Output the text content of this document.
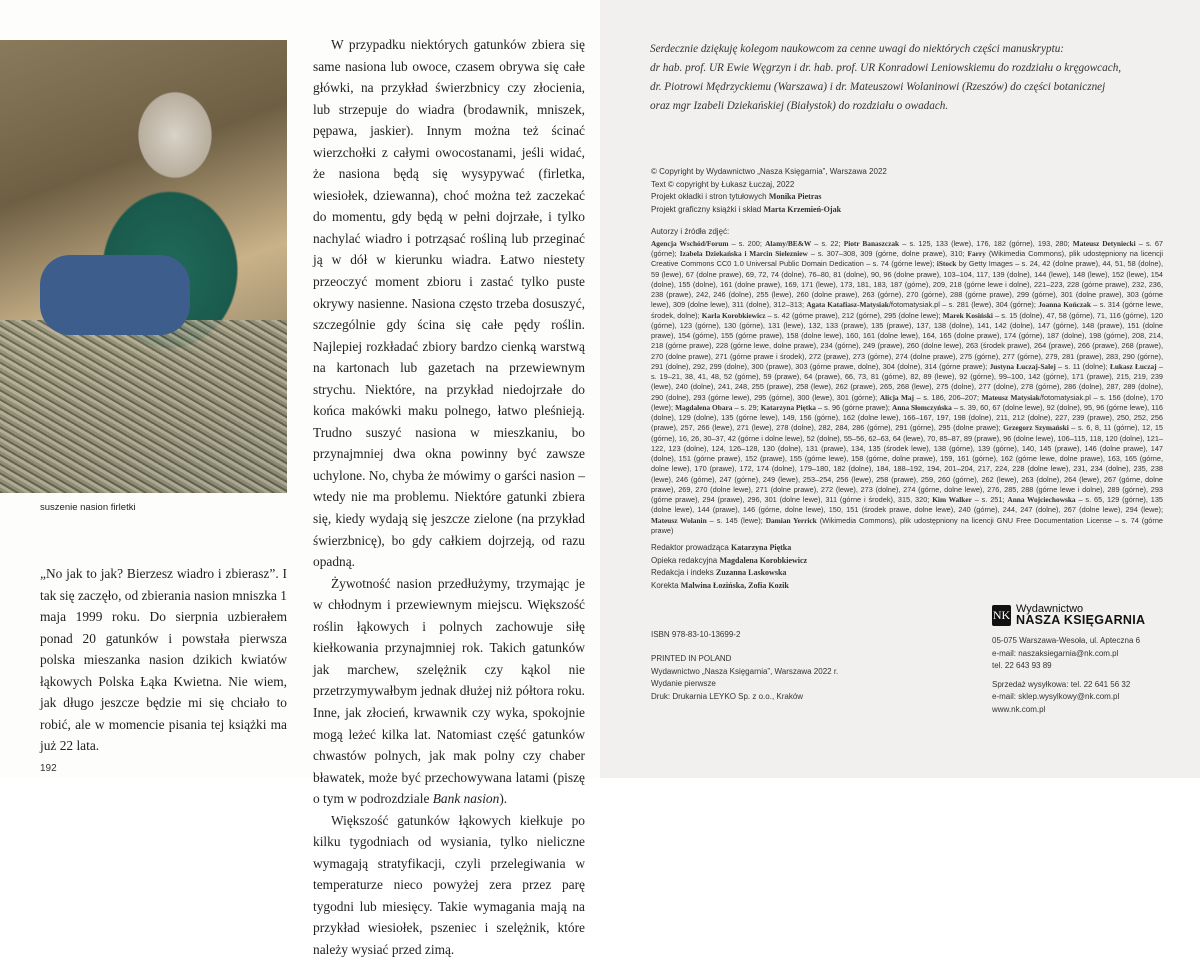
suszenie nasion firletki

„No jak to jak? Bierzesz wiadro i zbierasz”. I tak się zaczęło, od zbierania nasion mniszka 1 maja 1999 roku. Do sierpnia uzbierałem ponad 20 gatunków i powstała pierwsza polska mieszanka nasion dzikich kwiatów łąkowych Polska Łąka Kwietna. Nie wiem, jak długo jeszcze będzie mi się chciało to robić, ale w momencie pisania tej książki ma już 22 lata.

192

W przypadku niektórych gatunków zbiera się same nasiona lub owoce, czasem obrywa się całe główki, na przykład świerzbnicy czy złocienia, lub strzepuje do wiadra (brodawnik, mniszek, pępawa, jaskier). Innym można też ścinać wierzchołki z całymi owocostanami, jeśli widać, że nasiona będą się wysypywać (firletka, wiesiołek, dziewanna), choć można też zaczekać do momentu, gdy będą w pełni dojrzałe, i tylko nachylać wiadro i potrząsać rośliną lub przeginać ją w dół w kierunku wiadra. Łatwo niestety przeoczyć moment zbioru i zastać tylko puste okrywy nasienne. Nasiona często trzeba dosuszyć, szczególnie gdy ścina się całe pędy roślin. Najlepiej rozkładać zbiory bardzo cienką warstwą na kartonach lub gazetach na przewiewnym strychu. Niektóre, na przykład niedojrzałe do końca makówki maku polnego, łatwo pleśnieją. Trudno suszyć nasiona w mieszkaniu, bo przynajmniej dwa okna powinny być zawsze uchylone. No, chyba że mówimy o garści nasion – wtedy nie ma problemu. Niektóre gatunki zbiera się, kiedy wydają się jeszcze zielone (na przykład świerzbnicę), bo gdy całkiem dojrzeją, od razu opadną.

Żywotność nasion przedłużymy, trzymając je w chłodnym i przewiewnym miejscu. Większość roślin łąkowych i polnych zachowuje siłę kiełkowania przynajmniej rok. Takich gatunków jak marchew, szelężnik czy kąkol nie przetrzymywałbym jednak dłużej niż półtora roku. Inne, jak złocień, krwawnik czy wyka, spokojnie mogą leżeć kilka lat. Natomiast część gatunków chwastów polnych, jak mak polny czy chaber bławatek, może być przechowywana latami (piszę o tym w podrozdziale Bank nasion).

Większość gatunków łąkowych kiełkuje po kilku tygodniach od wysiania, tylko nieliczne wymagają stratyfikacji, czyli przelegiwania w temperaturze nieco powyżej zera przez parę tygodni lub miesięcy. Takie wymagania mają na przykład wiesiołek, pszeniec i szelężnik, które należy wysiać przed zimą.

Serdecznie dziękuję kolegom naukowcom za cenne uwagi do niektórych części manuskryptu:
dr hab. prof. UR Ewie Węgrzyn i dr. hab. prof. UR Konradowi Leniowskiemu do rozdziału o kręgowcach,
dr. Piotrowi Mędrzyckiemu (Warszawa) i dr. Mateuszowi Wolaninowi (Rzeszów) do części botanicznej
oraz mgr Izabeli Dziekańskiej (Białystok) do rozdziału o owadach.
© Copyright by Wydawnictwo „Nasza Księgarnia”, Warszawa 2022
Text © copyright by Łukasz Łuczaj, 2022
Projekt okładki i stron tytułowych Monika Pietras
Projekt graficzny książki i skład Marta Krzemień-Ojak
Autorzy i źródła zdjęć:
Agencja Wschód/Forum – s. 200; Alamy/BE&W – s. 22; Piotr Banaszczak – s. 125, 133 (lewe), 176, 182 (górne), 193, 280; Mateusz Detyniecki – s. 67 (górne); Izabela Dziekańska i Marcin Sielezniew – s. 307–308, 309 (górne, dolne prawe), 310; Farry (Wikimedia Commons), plik udostępniony na licencji Creative Commons CC0 1.0 Universal Public Domain Dedication – s. 74 (górne lewe); iStock by Getty Images – s. 24, 42 (dolne prawe), 44, 51, 58 (dolne), 59 (lewe), 67 (dolne prawe), 69, 72, 74 (dolne), 76–80, 81 (dolne), 90, 96 (dolne prawe), 103–104, 117, 139 (dolne), 144 (lewe), 148 (lewe), 152 (lewe), 154 (dolne), 155 (dolne), 161 (dolne prawe), 169, 171 (lewe), 173, 181, 183, 187 (górne), 209, 218 (górne lewe i dolne), 221–223, 228 (górne prawe), 232, 236, 238 (prawe), 242, 246 (dolne), 255 (lewe), 260 (dolne prawe), 263 (górne), 270 (górne), 288 (górne prawe), 299 (górne), 301 (dolne prawe), 303 (górne lewe), 309 (dolne lewe), 311 (dolne), 312–313; Agata Katafiasz-Matysiak/fotomatysiak.pl – s. 281 (lewe), 304 (górne); Joanna Kończak – s. 314 (górne lewe, środek, dolne); Karla Korobkiewicz – s. 42 (górne prawe), 212 (górne), 295 (dolne lewe); Marek Kosiński – s. 15 (dolne), 47, 58 (górne), 71, 116 (górne), 120 (górne), 123 (górne), 130 (górne), 131 (lewe), 132, 133 (prawe), 135 (prawe), 137, 138 (dolne), 141, 142 (dolne), 147 (górne), 148 (prawe), 151 (dolne prawe), 154 (górne), 155 (górne prawe), 158 (dolne lewe), 160, 161 (dolne lewe), 164, 165 (dolne prawe), 174 (górne), 187 (dolne), 198 (górne), 208, 214, 218 (górne prawe), 228 (górne lewe, dolne prawe), 234 (górne), 249 (prawe), 260 (dolne lewe), 263 (środek prawe), 264 (prawe), 266 (prawe), 268 (prawe), 270 (dolne prawe), 271 (górne prawe i środek), 272 (prawe), 273 (górne), 274 (dolne prawe), 275 (górne), 277 (górne), 279, 281 (prawe), 283, 290 (górne), 291 (dolne), 292, 299 (dolne), 300 (prawe), 303 (górne prawe, dolne), 304 (dolne), 314 (górne prawe); Justyna Łuczaj-Salej – s. 11 (dolne); Łukasz Łuczaj – s. 19–21, 38, 41, 48, 52 (górne), 59 (prawe), 64 (prawe), 66, 73, 81 (górne), 82, 89 (lewe), 92 (górne), 99–100, 142 (górne), 171 (prawe), 215, 219, 239 (lewe), 240 (dolne), 241, 248, 255 (prawe), 258 (lewe), 262 (prawe), 265, 268 (lewe), 275 (dolne), 277 (dolne), 278 (górne), 286 (dolne), 287, 289 (dolne), 290 (dolne), 293 (górne lewe), 295 (górne), 300 (lewe), 301 (górne); Alicja Maj – s. 186, 206–207; Mateusz Matysiak/fotomatysiak.pl – s. 156 (dolne), 170 (lewe); Magdalena Obara – s. 29; Katarzyna Piętka – s. 96 (górne prawe); Anna Słomczyńska – s. 39, 60, 67 (dolne lewe), 92 (dolne), 95, 96 (górne lewe), 116 (dolne), 129 (dolne), 135 (górne lewe), 149, 156 (górne), 162 (dolne lewe), 166–167, 197, 198 (dolne), 211, 212 (dolne), 227, 239 (prawe), 250, 252, 256 (prawe), 257, 266 (lewe), 271 (lewe), 278 (dolne), 282, 284, 286 (górne), 291 (górne), 295 (dolne prawe); Grzegorz Szymański – s. 6, 8, 11 (górne), 12, 15 (górne), 16, 26, 30–37, 42 (górne i dolne lewe), 52 (dolne), 55–56, 62–63, 64 (lewe), 70, 85–87, 89 (prawe), 96 (dolne lewe), 106–115, 118, 120 (dolne), 121–122, 123 (dolne), 124, 126–128, 130 (dolne), 131 (prawe), 134, 135 (środek lewe), 138 (górne), 139 (górne), 140, 145 (prawe), 146 (dolne prawe), 147 (dolne), 151 (górne prawe), 152 (prawe), 155 (górne lewe), 158 (górne, dolne prawe), 159, 161 (górne), 162 (górne lewe, dolne prawe), 163, 165 (górne, dolne lewe), 170 (prawe), 172, 174 (dolne), 179–180, 182 (dolne), 184, 188–192, 194, 201–204, 217, 224, 228 (dolne lewe), 231, 234 (dolne), 235, 238 (lewe), 246 (górne), 247 (górne), 249 (lewe), 253–254, 256 (lewe), 258 (prawe), 259, 260 (górne), 262 (lewe), 263 (dolne), 264 (lewe), 267 (górne, dolne prawe), 269, 270 (dolne lewe), 271 (dolne prawe), 272 (lewe), 273 (dolne), 274 (górne, dolne lewe), 276, 285, 288 (górne lewe i dolne), 289 (górne), 293 (górne prawe), 294 (prawe), 296, 301 (dolne lewe), 311 (górne i środek), 315, 320; Kim Walker – s. 251; Anna Wojciechowska – s. 65, 129 (górne), 135 (dolne lewe), 144 (prawe), 146 (górne, dolne lewe), 150, 151 (środek prawe, dolne lewe), 240 (górne), 244, 247 (dolne), 267 (dolne lewe), 294 (lewe); Mateusz Wolanin – s. 145 (lewe); Damian Yerrick (Wikimedia Commons), plik udostępniony na licencji GNU Free Documentation License – s. 74 (górne prawe)
Redaktor prowadząca Katarzyna Piętka
Opieka redakcyjna Magdalena Korobkiewicz
Redakcja i indeks Zuzanna Laskowska
Korekta Malwina Łozińska, Zofia Kozik
ISBN 978-83-10-13699-2
PRINTED IN POLAND
Wydawnictwo „Nasza Księgarnia”, Warszawa 2022 r.
Wydanie pierwsze
Druk: Drukarnia LEYKO Sp. z o.o., Kraków
NK Wydawnictwo
NASZA KSIĘGARNIA
05-075 Warszawa-Wesoła, ul. Apteczna 6
e-mail: naszaksiegarnia@nk.com.pl
tel. 22 643 93 89
Sprzedaż wysyłkowa: tel. 22 641 56 32
e-mail: sklep.wysylkowy@nk.com.pl
www.nk.com.pl
